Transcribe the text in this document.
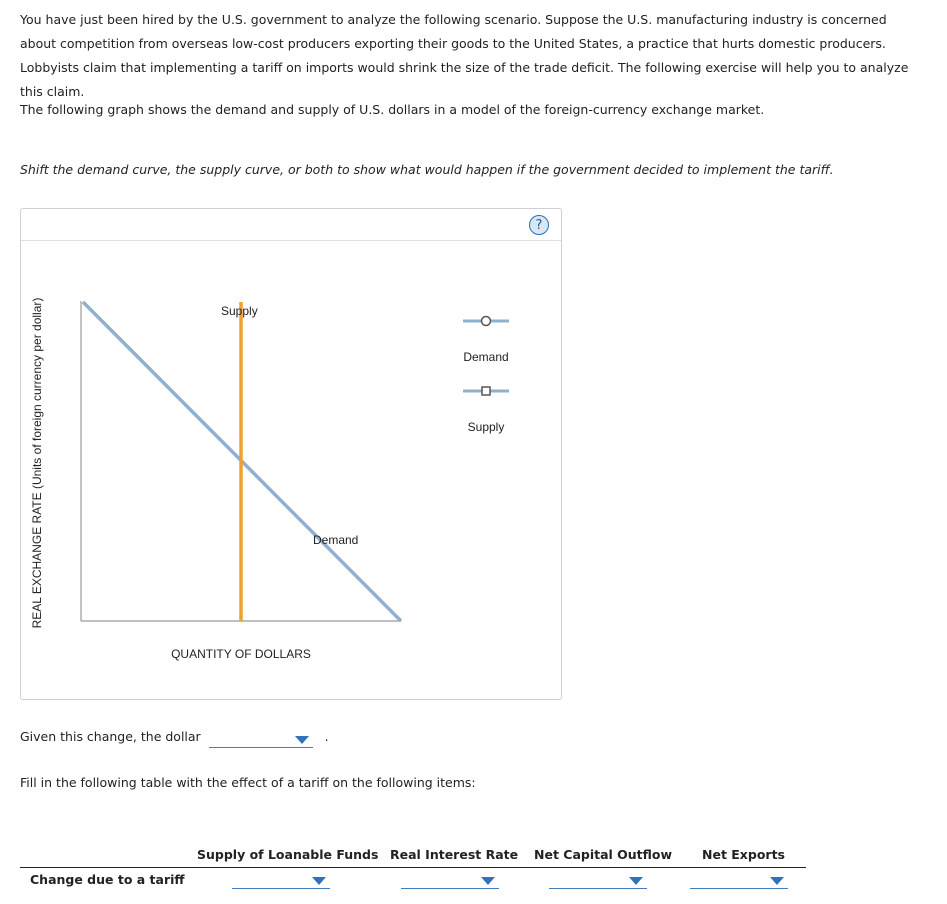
You have just been hired by the U.S. government to analyze the following scenario. Suppose the U.S. manufacturing industry is concerned about competition from overseas low-cost producers exporting their goods to the United States, a practice that hurts domestic producers. Lobbyists claim that implementing a tariff on imports would shrink the size of the trade deficit. The following exercise will help you to analyze this claim.

The following graph shows the demand and supply of U.S. dollars in a model of the foreign-currency exchange market.

Shift the demand curve, the supply curve, or both to show what would happen if the government decided to implement the tariff.

?
REAL EXCHANGE RATE (Units of foreign currency per dollar)	Supply
Demand
QUANTITY OF DOLLARS
Demand
Supply
Given this change, the dollar	.

Fill in the following table with the effect of a tariff on the following items:

Supply of Loanable Funds Real Interest Rate Net Capital Outflow Net Exports
Change due to a tariff
